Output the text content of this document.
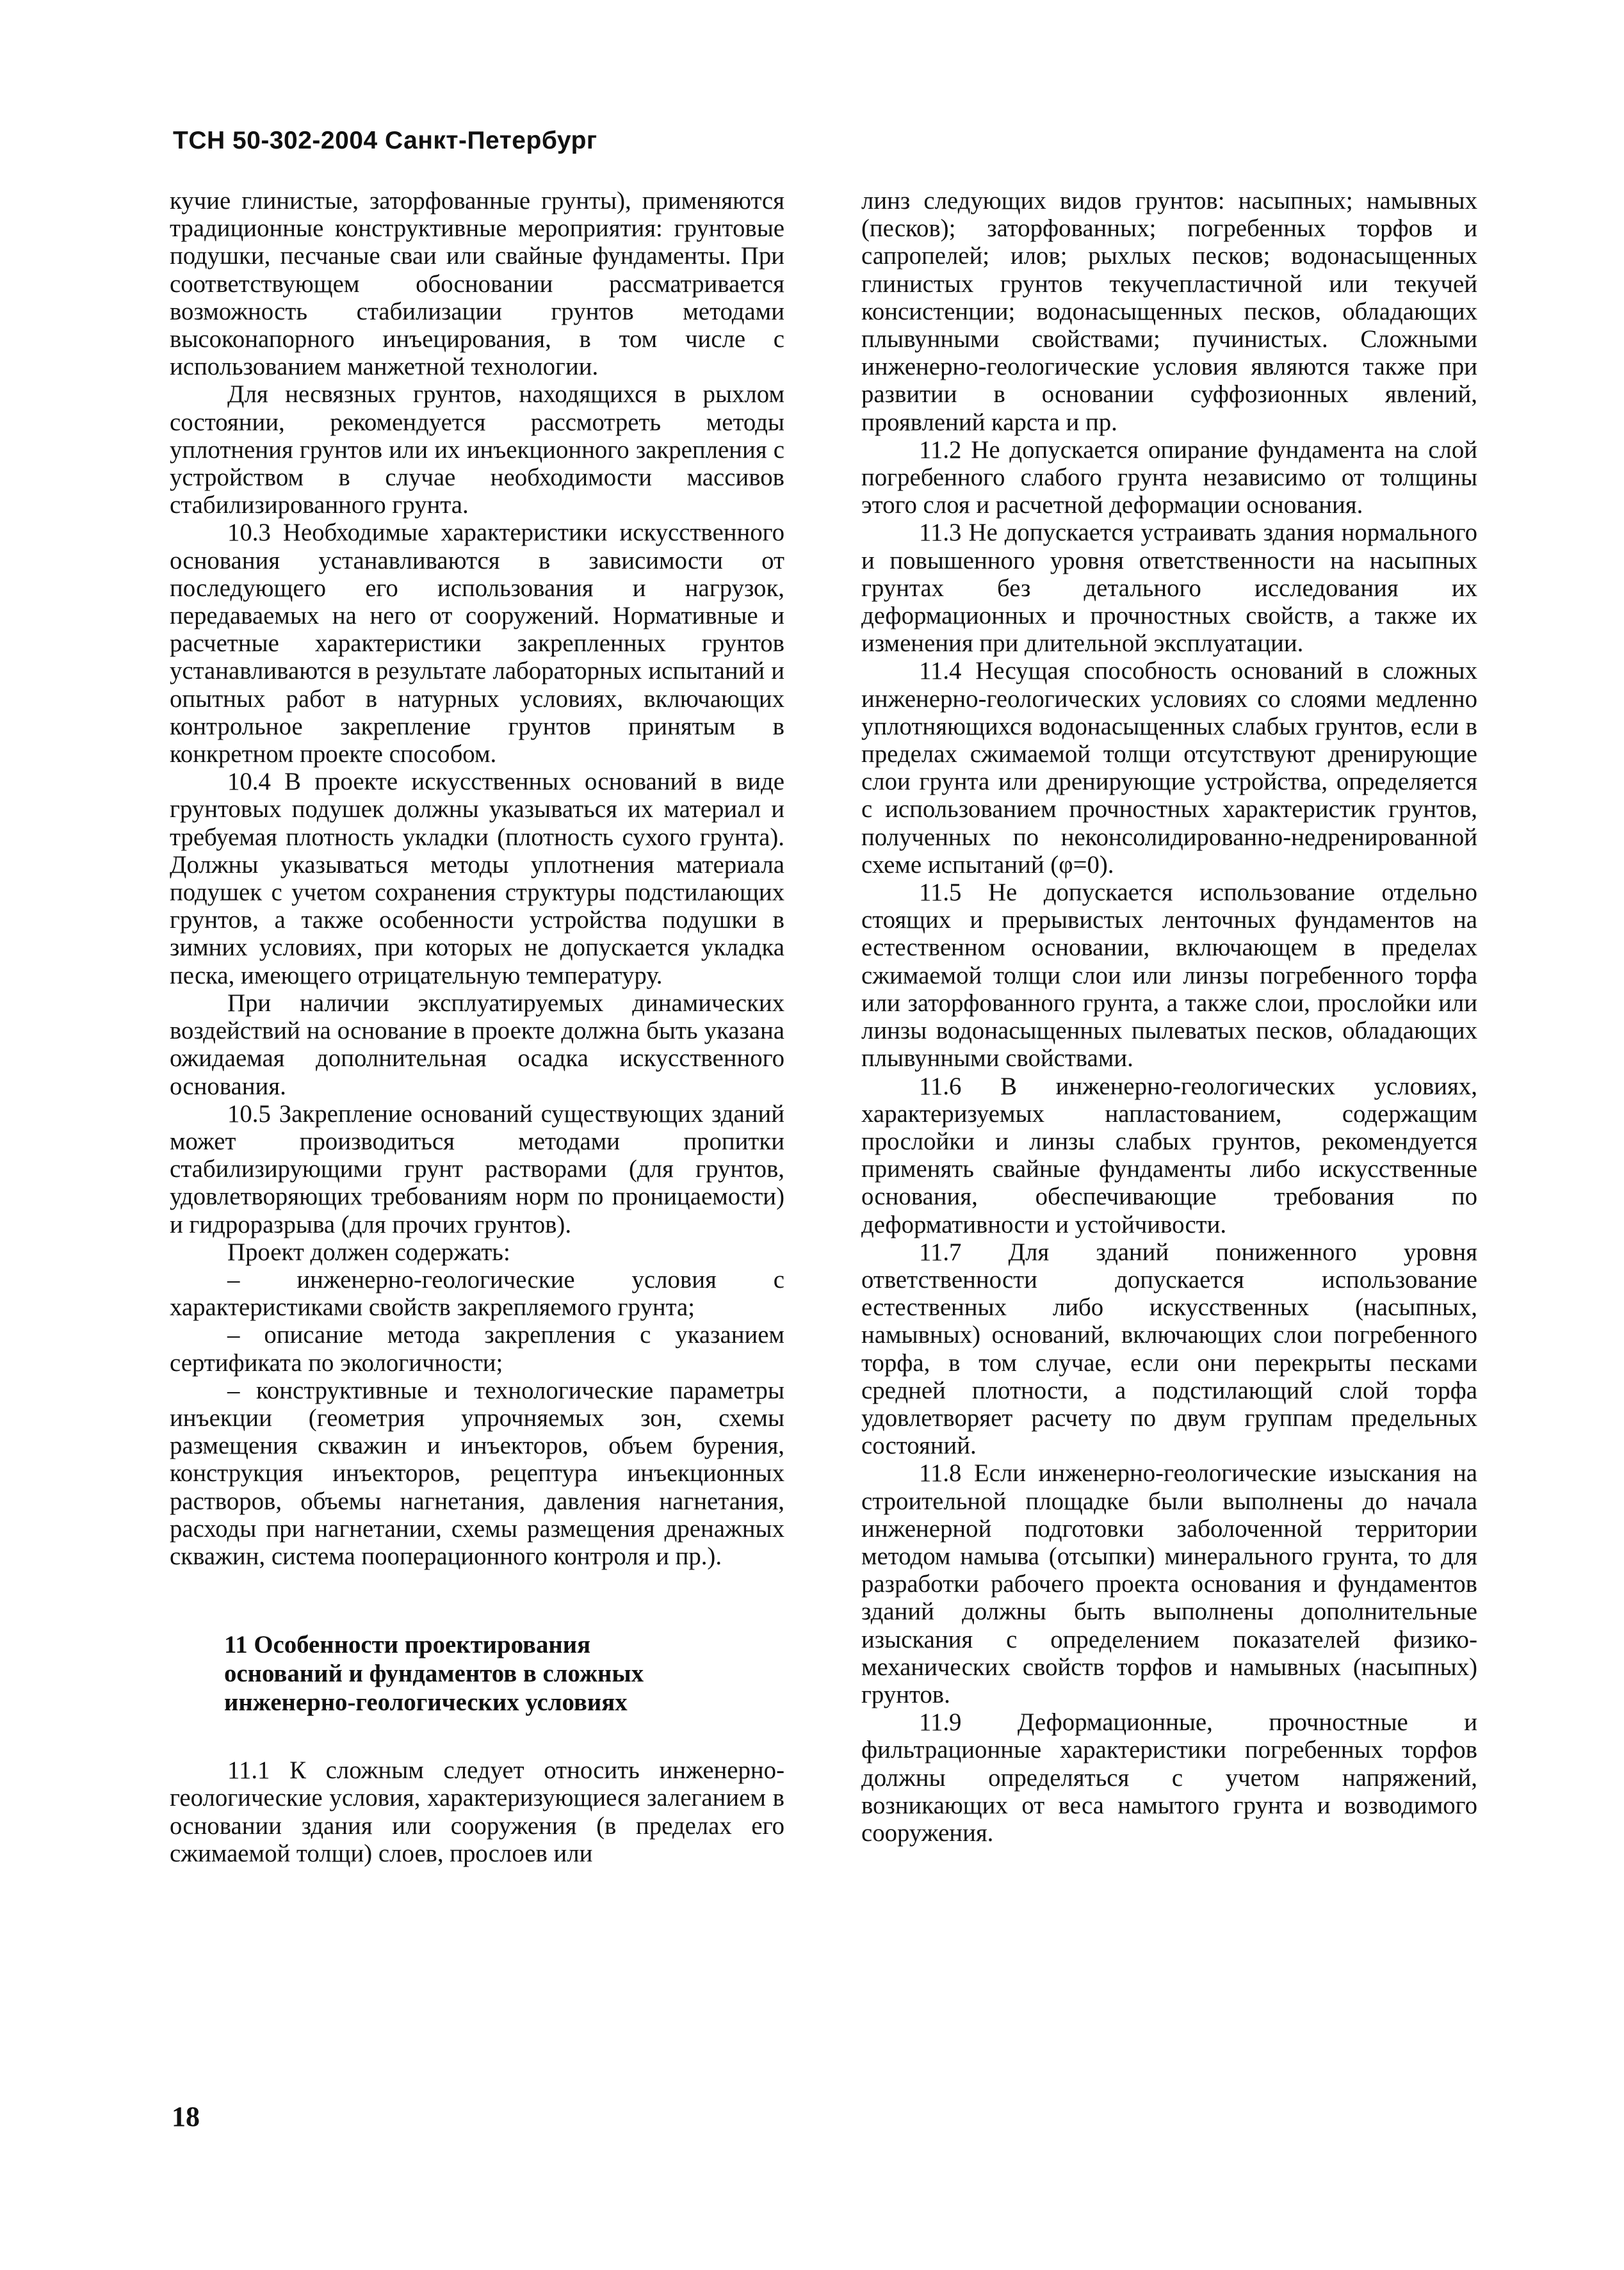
ТСН 50-302-2004 Санкт-Петербург

кучие глинистые, заторфованные грунты), применяются традиционные конструктивные мероприятия: грунтовые подушки, песчаные сваи или свайные фундаменты. При соответствующем обосновании рассматривается возможность стабилизации грунтов методами высоконапорного инъецирования, в том числе с использованием манжетной технологии.

Для несвязных грунтов, находящихся в рыхлом состоянии, рекомендуется рассмотреть методы уплотнения грунтов или их инъекционного закрепления с устройством в случае необходимости массивов стабилизированного грунта.

10.3 Необходимые характеристики искусственного основания устанавливаются в зависимости от последующего его использования и нагрузок, передаваемых на него от сооружений. Нормативные и расчетные характеристики закрепленных грунтов устанавливаются в результате лабораторных испытаний и опытных работ в натурных условиях, включающих контрольное закрепление грунтов принятым в конкретном проекте способом.

10.4 В проекте искусственных оснований в виде грунтовых подушек должны указываться их материал и требуемая плотность укладки (плотность сухого грунта). Должны указываться методы уплотнения материала подушек с учетом сохранения структуры подстилающих грунтов, а также особенности устройства подушки в зимних условиях, при которых не допускается укладка песка, имеющего отрицательную температуру.

При наличии эксплуатируемых динамических воздействий на основание в проекте должна быть указана ожидаемая дополнительная осадка искусственного основания.

10.5 Закрепление оснований существующих зданий может производиться методами пропитки стабилизирующими грунт растворами (для грунтов, удовлетворяющих требованиям норм по проницаемости) и гидроразрыва (для прочих грунтов).

Проект должен содержать:

– инженерно-геологические условия с характеристиками свойств закрепляемого грунта;

– описание метода закрепления с указанием сертификата по экологичности;

– конструктивные и технологические параметры инъекции (геометрия упрочняемых зон, схемы размещения скважин и инъекторов, объем бурения, конструкция инъекторов, рецептура инъекционных растворов, объемы нагнетания, давления нагнетания, расходы при нагнетании, схемы размещения дренажных скважин, система пооперационного контроля и пр.).

11 Особенности проектирования
оснований и фундаментов в сложных
инженерно-геологических условиях

11.1 К сложным следует относить инженерно-геологические условия, характеризующиеся залеганием в основании здания или сооружения (в пределах его сжимаемой толщи) слоев, прослоев или

линз следующих видов грунтов: насыпных; намывных (песков); заторфованных; погребенных торфов и сапропелей; илов; рыхлых песков; водонасыщенных глинистых грунтов текучепластичной или текучей консистенции; водонасыщенных песков, обладающих плывунными свойствами; пучинистых. Сложными инженерно-геологические условия являются также при развитии в основании суффозионных явлений, проявлений карста и пр.

11.2 Не допускается опирание фундамента на слой погребенного слабого грунта независимо от толщины этого слоя и расчетной деформации основания.

11.3 Не допускается устраивать здания нормального и повышенного уровня ответственности на насыпных грунтах без детального исследования их деформационных и прочностных свойств, а также их изменения при длительной эксплуатации.

11.4 Несущая способность оснований в сложных инженерно-геологических условиях со слоями медленно уплотняющихся водонасыщенных слабых грунтов, если в пределах сжимаемой толщи отсутствуют дренирующие слои грунта или дренирующие устройства, определяется с использованием прочностных характеристик грунтов, полученных по неконсолидированно-недренированной схеме испытаний (φ=0).

11.5 Не допускается использование отдельно стоящих и прерывистых ленточных фундаментов на естественном основании, включающем в пределах сжимаемой толщи слои или линзы погребенного торфа или заторфованного грунта, а также слои, прослойки или линзы водонасыщенных пылеватых песков, обладающих плывунными свойствами.

11.6 В инженерно-геологических условиях, характеризуемых напластованием, содержащим прослойки и линзы слабых грунтов, рекомендуется применять свайные фундаменты либо искусственные основания, обеспечивающие требования по деформативности и устойчивости.

11.7 Для зданий пониженного уровня ответственности допускается использование естественных либо искусственных (насыпных, намывных) оснований, включающих слои погребенного торфа, в том случае, если они перекрыты песками средней плотности, а подстилающий слой торфа удовлетворяет расчету по двум группам предельных состояний.

11.8 Если инженерно-геологические изыскания на строительной площадке были выполнены до начала инженерной подготовки заболоченной территории методом намыва (отсыпки) минерального грунта, то для разработки рабочего проекта основания и фундаментов зданий должны быть выполнены дополнительные изыскания с определением показателей физико-механических свойств торфов и намывных (насыпных) грунтов.

11.9 Деформационные, прочностные и фильтрационные характеристики погребенных торфов должны определяться с учетом напряжений, возникающих от веса намытого грунта и возводимого сооружения.

18
